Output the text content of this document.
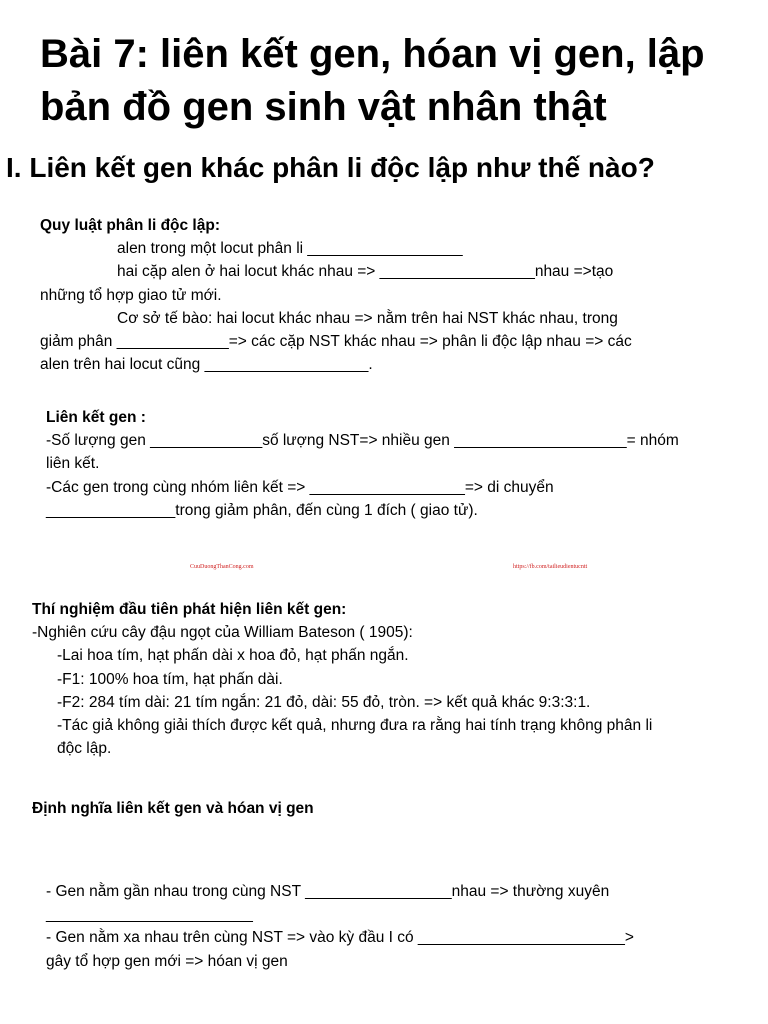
Bài 7: liên kết gen, hóan vị gen, lập
bản đồ gen sinh vật nhân thật
I. Liên kết gen khác phân li độc lập như thế nào?
Quy luật phân li độc lập:
alen trong một locut phân li __________________
hai cặp alen ở hai locut khác nhau => __________________nhau =>tạo
những tổ hợp giao tử mới.
Cơ sở tế bào: hai locut khác nhau => nằm trên hai NST khác nhau, trong
giảm phân _____________=> các cặp NST khác nhau => phân li độc lập nhau => các
alen trên hai locut cũng ___________________.
Liên kết gen :
-Số lượng gen _____________số lượng NST=> nhiều gen ____________________= nhóm
liên kết.
-Các gen trong cùng nhóm liên kết => __________________=> di chuyển
_______________trong giảm phân, đến cùng 1 đích ( giao tử).
CuuDuongThanCong.com	https://fb.com/tailieudientucntt
Thí nghiệm đầu tiên phát hiện liên kết gen:
-Nghiên cứu cây đậu ngọt của William Bateson ( 1905):
-Lai hoa tím, hạt phấn dài x hoa đỏ, hạt phấn ngắn.
-F1: 100% hoa tím, hạt phấn dài.
-F2: 284 tím dài: 21 tím ngắn: 21 đỏ, dài: 55 đỏ, tròn. => kết quả khác 9:3:3:1.
-Tác giả không giải thích được kết quả, nhưng đưa ra rằng hai tính trạng không phân li
độc lập.
Định nghĩa liên kết gen và hóan vị gen
- Gen nằm gần nhau trong cùng NST _________________nhau => thường xuyên
________________________
- Gen nằm xa nhau trên cùng NST => vào kỳ đầu I có ________________________>
gây tổ hợp gen mới => hóan vị gen
